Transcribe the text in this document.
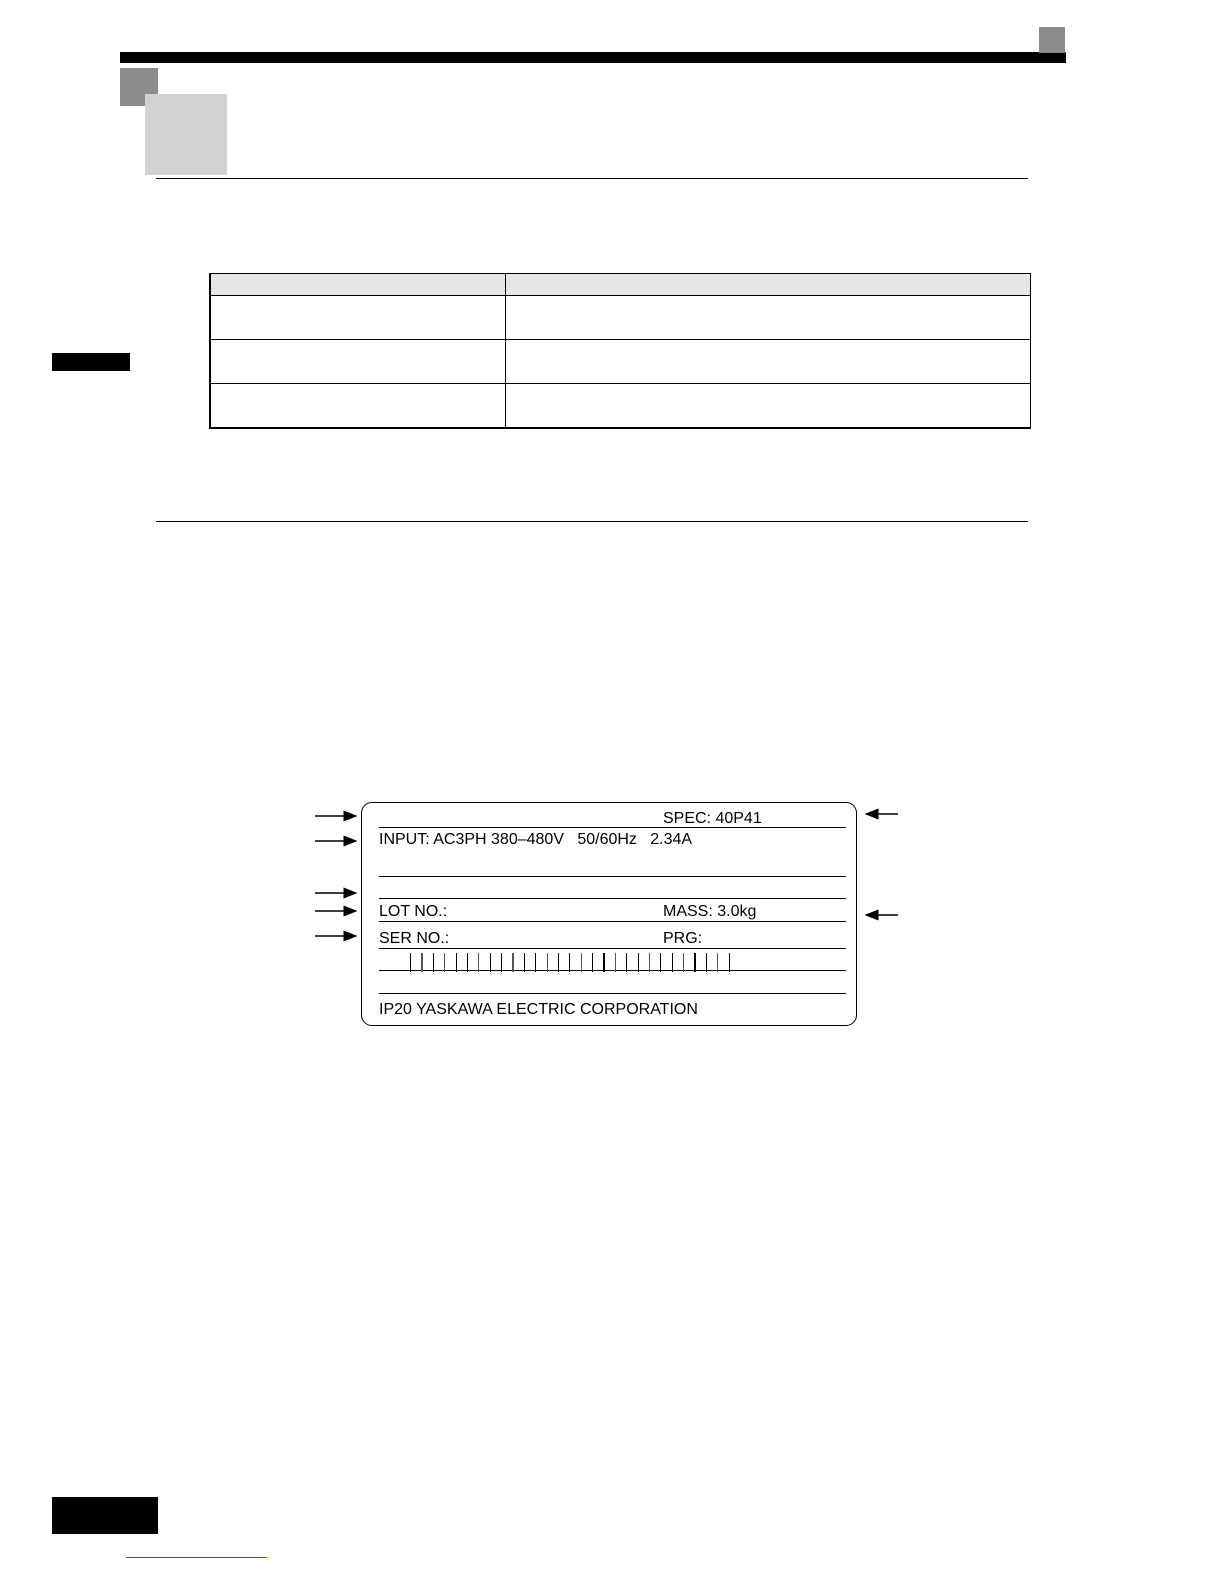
SPEC: 40P41
INPUT: AC3PH 380–480V   50/60Hz   2.34A
LOT NO.:	MASS: 3.0kg
SER NO.:	PRG:
IP20 YASKAWA ELECTRIC CORPORATION
